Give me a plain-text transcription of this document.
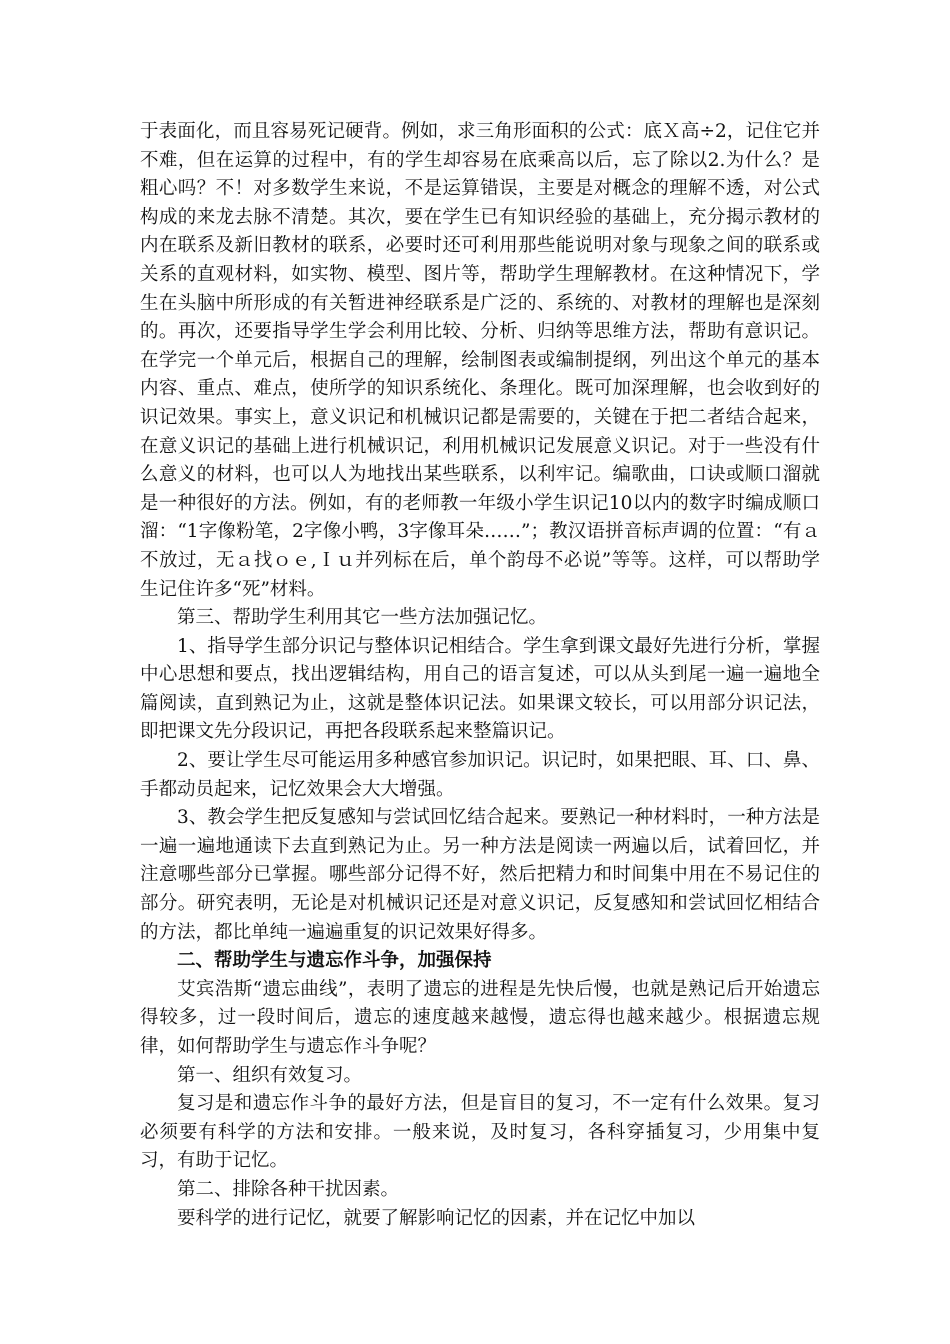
于表面化，而且容易死记硬背。例如，求三角形面积的公式：底Ｘ高÷2，记住它并不难，但在运算的过程中，有的学生却容易在底乘高以后，忘了除以2.为什么？是粗心吗？不！对多数学生来说，不是运算错误，主要是对概念的理解不透，对公式构成的来龙去脉不清楚。其次，要在学生已有知识经验的基础上，充分揭示教材的内在联系及新旧教材的联系，必要时还可利用那些能说明对象与现象之间的联系或关系的直观材料，如实物、模型、图片等，帮助学生理解教材。在这种情况下，学生在头脑中所形成的有关暂进神经联系是广泛的、系统的、对教材的理解也是深刻的。再次，还要指导学生学会利用比较、分析、归纳等思维方法，帮助有意识记。在学完一个单元后，根据自己的理解，绘制图表或编制提纲，列出这个单元的基本内容、重点、难点，使所学的知识系统化、条理化。既可加深理解，也会收到好的识记效果。事实上，意义识记和机械识记都是需要的，关键在于把二者结合起来，在意义识记的基础上进行机械识记，利用机械识记发展意义识记。对于一些没有什么意义的材料，也可以人为地找出某些联系，以利牢记。编歌曲，口诀或顺口溜就是一种很好的方法。例如，有的老师教一年级小学生识记10以内的数字时编成顺口溜：“1字像粉笔，2字像小鸭，3字像耳朵……”；教汉语拼音标声调的位置：“有ａ不放过，无ａ找ｏｅ,Ｉｕ并列标在后，单个韵母不必说”等等。这样，可以帮助学生记住许多“死”材料。

第三、帮助学生利用其它一些方法加强记忆。

1、指导学生部分识记与整体识记相结合。学生拿到课文最好先进行分析，掌握中心思想和要点，找出逻辑结构，用自己的语言复述，可以从头到尾一遍一遍地全篇阅读，直到熟记为止，这就是整体识记法。如果课文较长，可以用部分识记法，即把课文先分段识记，再把各段联系起来整篇识记。

2、要让学生尽可能运用多种感官参加识记。识记时，如果把眼、耳、口、鼻、手都动员起来，记忆效果会大大增强。

3、教会学生把反复感知与尝试回忆结合起来。要熟记一种材料时，一种方法是一遍一遍地通读下去直到熟记为止。另一种方法是阅读一两遍以后，试着回忆，并注意哪些部分已掌握。哪些部分记得不好，然后把精力和时间集中用在不易记住的部分。研究表明，无论是对机械识记还是对意义识记，反复感知和尝试回忆相结合的方法，都比单纯一遍遍重复的识记效果好得多。

二、帮助学生与遗忘作斗争，加强保持

艾宾浩斯“遗忘曲线”，表明了遗忘的进程是先快后慢，也就是熟记后开始遗忘得较多，过一段时间后，遗忘的速度越来越慢，遗忘得也越来越少。根据遗忘规律，如何帮助学生与遗忘作斗争呢？

第一、组织有效复习。

复习是和遗忘作斗争的最好方法，但是盲目的复习，不一定有什么效果。复习必须要有科学的方法和安排。一般来说，及时复习，各科穿插复习，少用集中复习，有助于记忆。

第二、排除各种干扰因素。

要科学的进行记忆，就要了解影响记忆的因素，并在记忆中加以
